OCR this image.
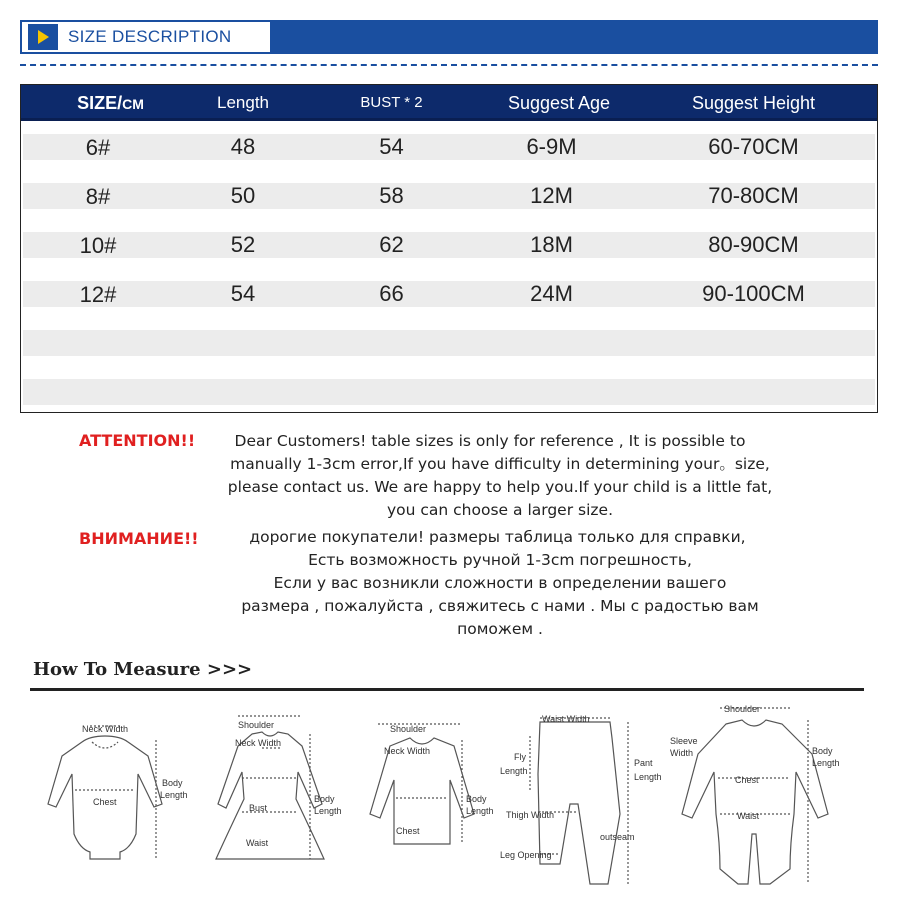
SIZE DESCRIPTION
SIZE/CM	Length	BUST * 2	Suggest Age	Suggest Height
6#	48	54	6-9M	60-70CM
8#	50	58	12M	70-80CM
10#	52	62	18M	80-90CM
12#	54	66	24M	90-100CM
ATTENTION!!	Dear Customers! table sizes is only for reference , It is possible to
manually 1-3cm error,If you have difficulty in determining your。size,
please contact us. We are happy to help you.If your child is a little fat,
you can choose a larger size.
ВНИМАНИЕ!!	дорогие покупатели! размеры таблица только для справки,
Есть возможность ручной 1-3cm погрешность,
Если у вас возникли сложности в определении вашего
размера , пожалуйста , свяжитесь с нами . Мы с радостью вам
поможем .
How To Measure >>>
Neck Width
Chest
Body
Length
Shoulder
Neck Width
Bust
Waist
Body
Length
Shoulder
Neck Width
Chest
Body
Length
Waist Width
Fly
Length
Pant
Length
Thigh Width
outseam
Leg Opening
Shoulder
Sleeve
Width
Chest
Waist
Body
Length
